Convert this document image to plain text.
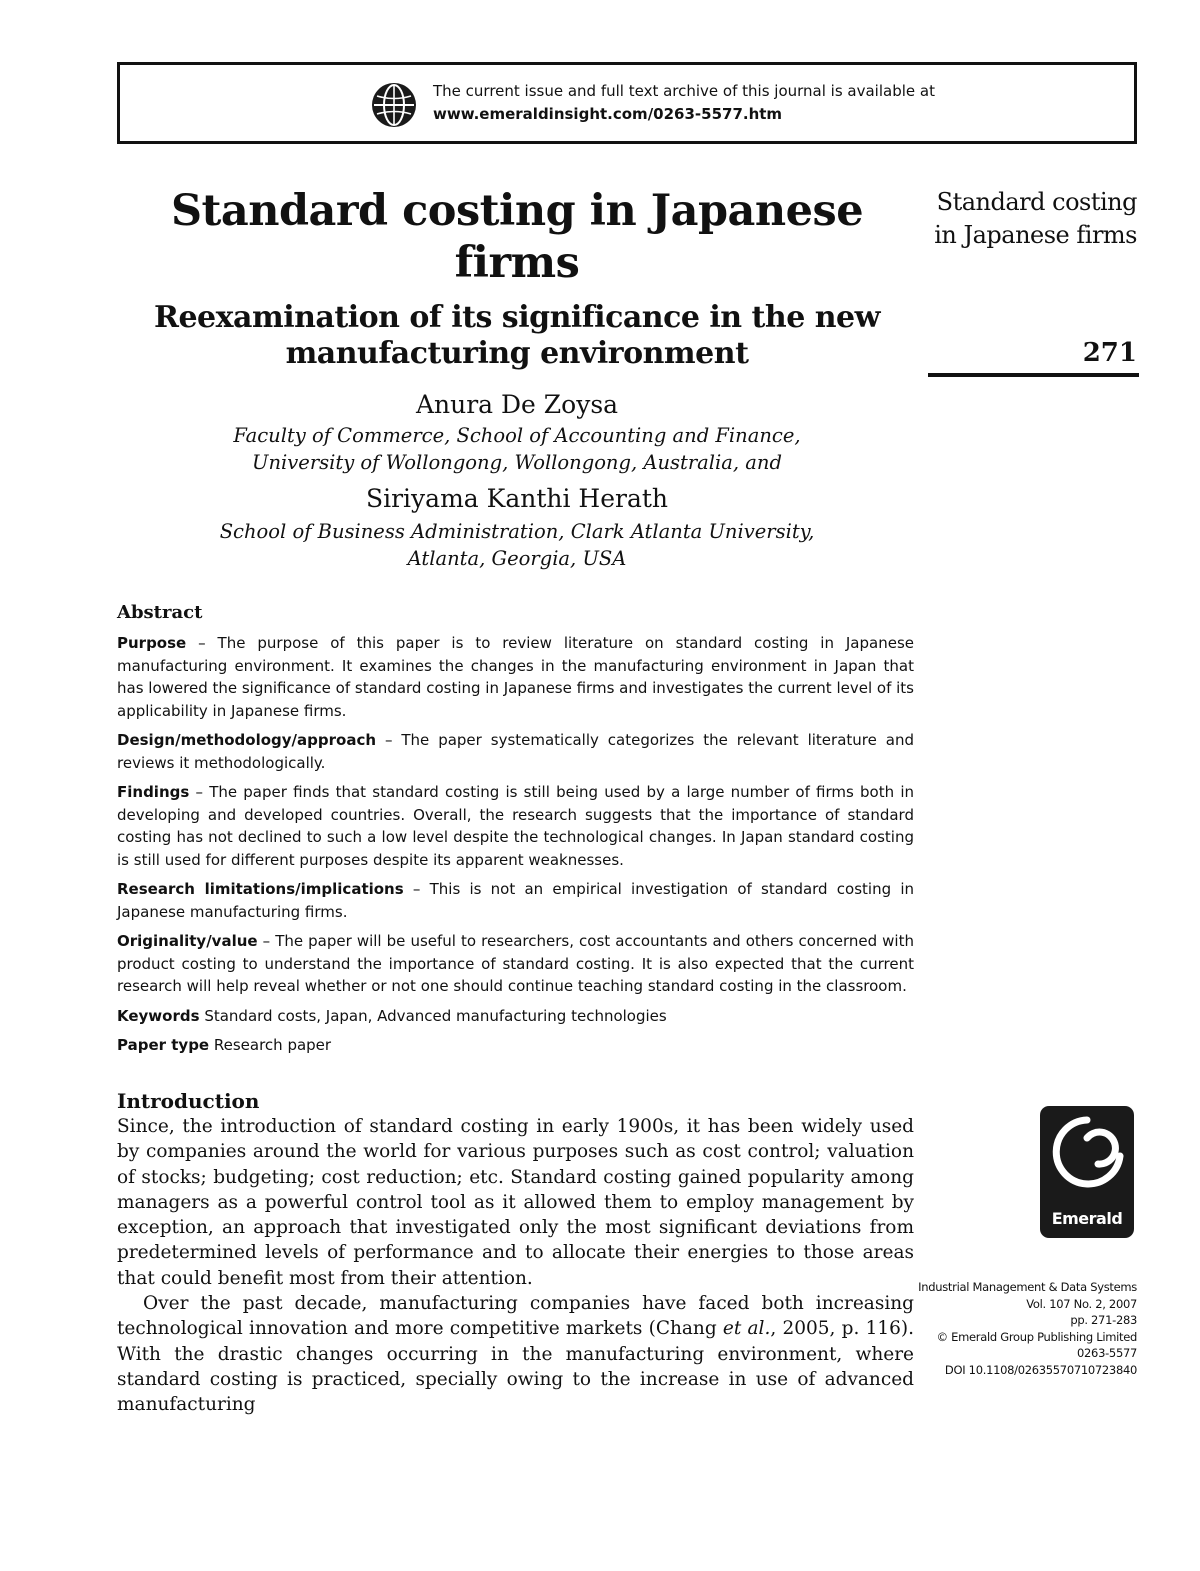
The current issue and full text archive of this journal is available at
www.emeraldinsight.com/0263-5577.htm
Standard costing in Japanese
firms
Reexamination of its significance in the new
manufacturing environment
Anura De Zoysa
Faculty of Commerce, School of Accounting and Finance,
University of Wollongong, Wollongong, Australia, and
Siriyama Kanthi Herath
School of Business Administration, Clark Atlanta University,
Atlanta, Georgia, USA
Standard costing in Japanese firms
271
Abstract

Purpose – The purpose of this paper is to review literature on standard costing in Japanese manufacturing environment. It examines the changes in the manufacturing environment in Japan that has lowered the significance of standard costing in Japanese firms and investigates the current level of its applicability in Japanese firms.

Design/methodology/approach – The paper systematically categorizes the relevant literature and reviews it methodologically.

Findings – The paper finds that standard costing is still being used by a large number of firms both in developing and developed countries. Overall, the research suggests that the importance of standard costing has not declined to such a low level despite the technological changes. In Japan standard costing is still used for different purposes despite its apparent weaknesses.

Research limitations/implications – This is not an empirical investigation of standard costing in Japanese manufacturing firms.

Originality/value – The paper will be useful to researchers, cost accountants and others concerned with product costing to understand the importance of standard costing. It is also expected that the current research will help reveal whether or not one should continue teaching standard costing in the classroom.

Keywords Standard costs, Japan, Advanced manufacturing technologies

Paper type Research paper

Introduction

Since, the introduction of standard costing in early 1900s, it has been widely used by companies around the world for various purposes such as cost control; valuation of stocks; budgeting; cost reduction; etc. Standard costing gained popularity among managers as a powerful control tool as it allowed them to employ management by exception, an approach that investigated only the most significant deviations from predetermined levels of performance and to allocate their energies to those areas that could benefit most from their attention.

Over the past decade, manufacturing companies have faced both increasing technological innovation and more competitive markets (Chang et al., 2005, p. 116). With the drastic changes occurring in the manufacturing environment, where standard costing is practiced, specially owing to the increase in use of advanced manufacturing

Emerald
Industrial Management & Data Systems
Vol. 107 No. 2, 2007
pp. 271-283
© Emerald Group Publishing Limited
0263-5577
DOI 10.1108/02635570710723840
